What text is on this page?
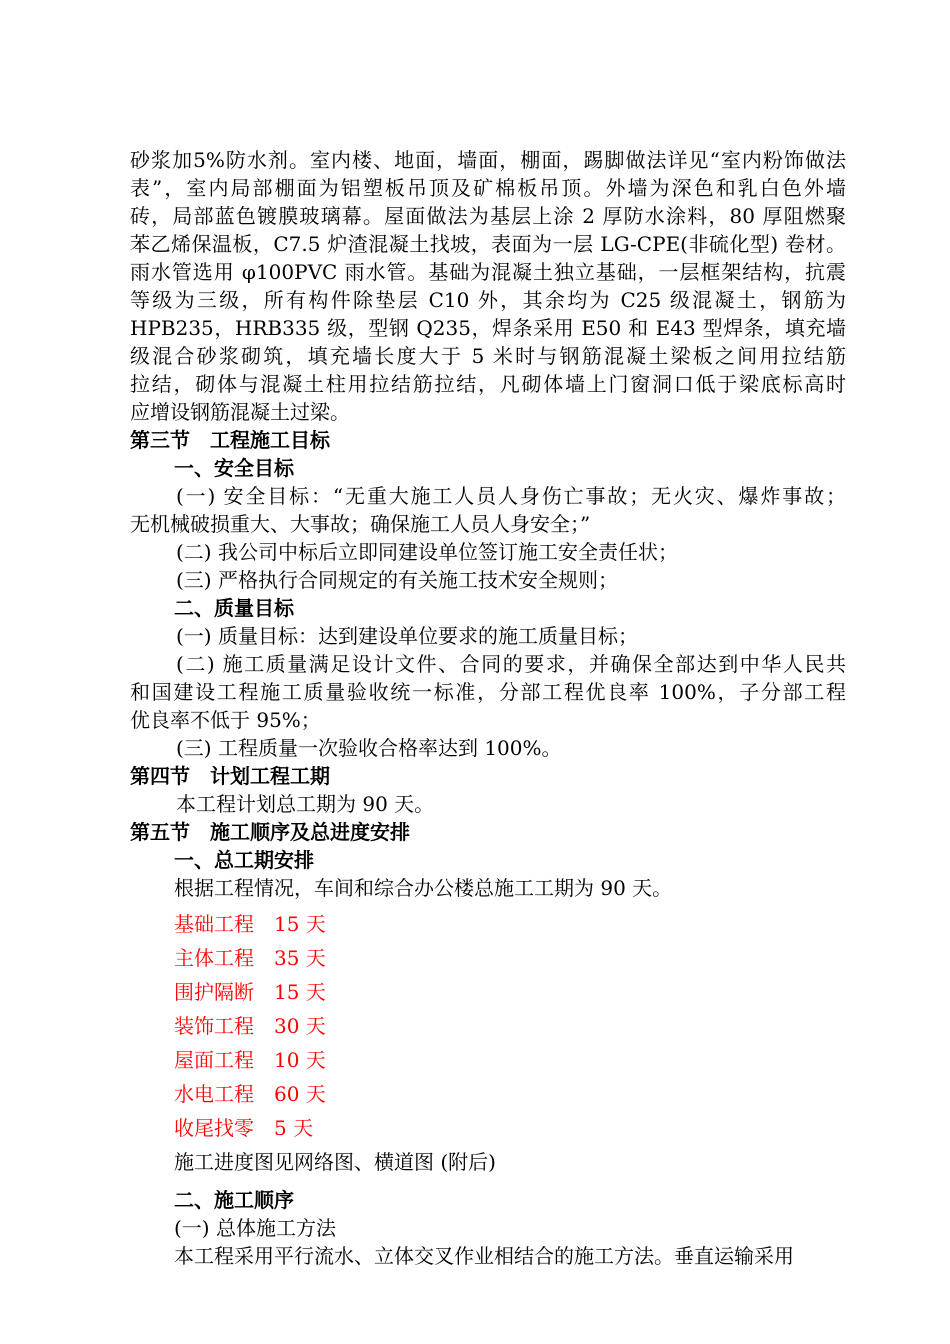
砂浆加5%防水剂。室内楼、地面，墙面，棚面，踢脚做法详见“室内粉饰做法
表”，室内局部棚面为铝塑板吊顶及矿棉板吊顶。外墙为深色和乳白色外墙
砖，局部蓝色镀膜玻璃幕。屋面做法为基层上涂 2 厚防水涂料，80 厚阻燃聚
苯乙烯保温板，C7.5 炉渣混凝土找坡，表面为一层 LG-CPE(非硫化型) 卷材。
雨水管选用 φ100PVC 雨水管。基础为混凝土独立基础，一层框架结构，抗震
等级为三级，所有构件除垫层 C10 外，其余均为 C25 级混凝土，钢筋为
HPB235，HRB335 级，型钢 Q235，焊条采用 E50 和 E43 型焊条，填充墙
级混合砂浆砌筑，填充墙长度大于 5 米时与钢筋混凝土梁板之间用拉结筋
拉结，砌体与混凝土柱用拉结筋拉结，凡砌体墙上门窗洞口低于梁底标高时
应增设钢筋混凝土过梁。
第三节　工程施工目标
一、安全目标
(一) 安全目标：“无重大施工人员人身伤亡事故；无火灾、爆炸事故；
无机械破损重大、大事故；确保施工人员人身安全；”
(二) 我公司中标后立即同建设单位签订施工安全责任状；
(三) 严格执行合同规定的有关施工技术安全规则；
二、质量目标
(一) 质量目标：达到建设单位要求的施工质量目标；
(二) 施工质量满足设计文件、合同的要求，并确保全部达到中华人民共
和国建设工程施工质量验收统一标准，分部工程优良率 100%，子分部工程
优良率不低于 95%；
(三) 工程质量一次验收合格率达到 100%。
第四节　计划工程工期
本工程计划总工期为 90 天。
第五节　施工顺序及总进度安排
一、总工期安排
根据工程情况，车间和综合办公楼总施工工期为 90 天。
基础工程　15 天
主体工程　35 天
围护隔断　15 天
装饰工程　30 天
屋面工程　10 天
水电工程　60 天
收尾找零　5 天
施工进度图见网络图、横道图 (附后)
二、施工顺序
(一) 总体施工方法
本工程采用平行流水、立体交叉作业相结合的施工方法。垂直运输采用
